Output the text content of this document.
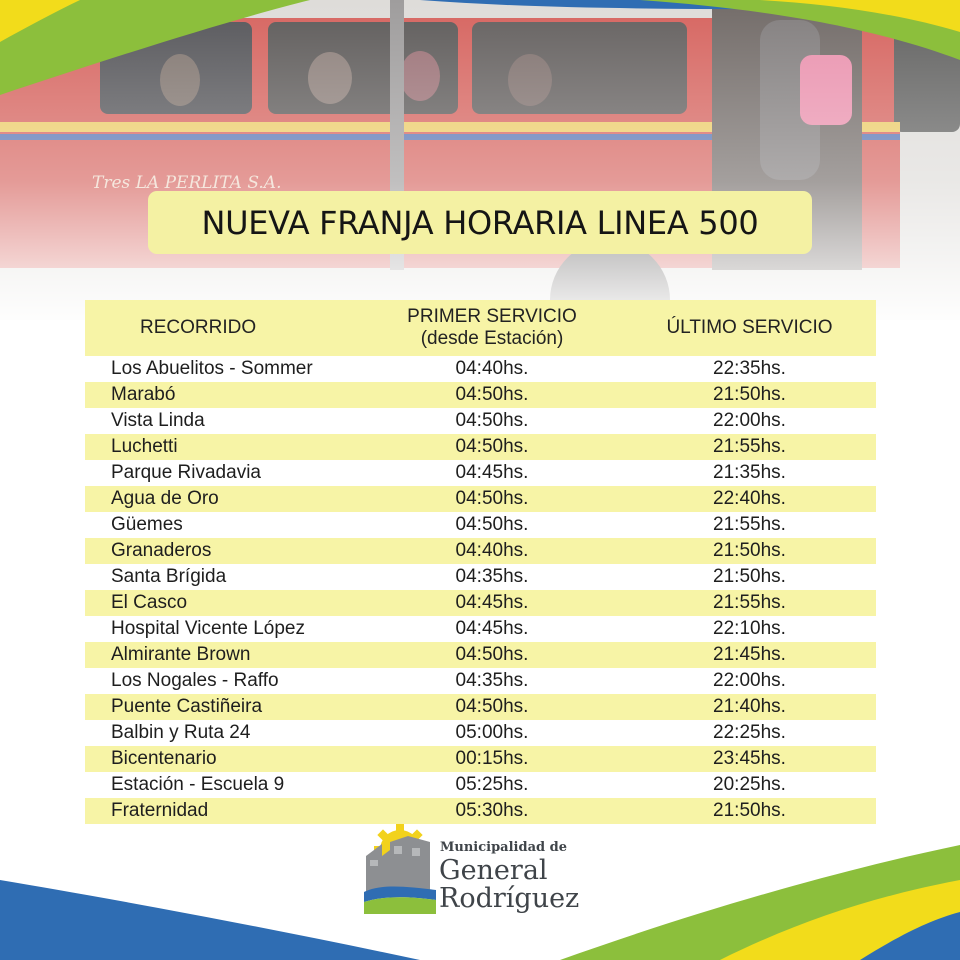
NUEVA FRANJA HORARIA LINEA 500
RECORRIDO
PRIMER SERVICIO
(desde Estación)
ÚLTIMO SERVICIO
Los Abuelitos - Sommer	04:40hs.	22:35hs.
Marabó	04:50hs.	21:50hs.
Vista Linda	04:50hs.	22:00hs.
Luchetti	04:50hs.	21:55hs.
Parque Rivadavia	04:45hs.	21:35hs.
Agua de Oro	04:50hs.	22:40hs.
Güemes	04:50hs.	21:55hs.
Granaderos	04:40hs.	21:50hs.
Santa Brígida	04:35hs.	21:50hs.
El Casco	04:45hs.	21:55hs.
Hospital Vicente López	04:45hs.	22:10hs.
Almirante Brown	04:50hs.	21:45hs.
Los Nogales - Raffo	04:35hs.	22:00hs.
Puente Castiñeira	04:50hs.	21:40hs.
Balbin y Ruta 24	05:00hs.	22:25hs.
Bicentenario	00:15hs.	23:45hs.
Estación - Escuela 9	05:25hs.	20:25hs.
Fraternidad	05:30hs.	21:50hs.
Municipalidad de
General
Rodríguez
